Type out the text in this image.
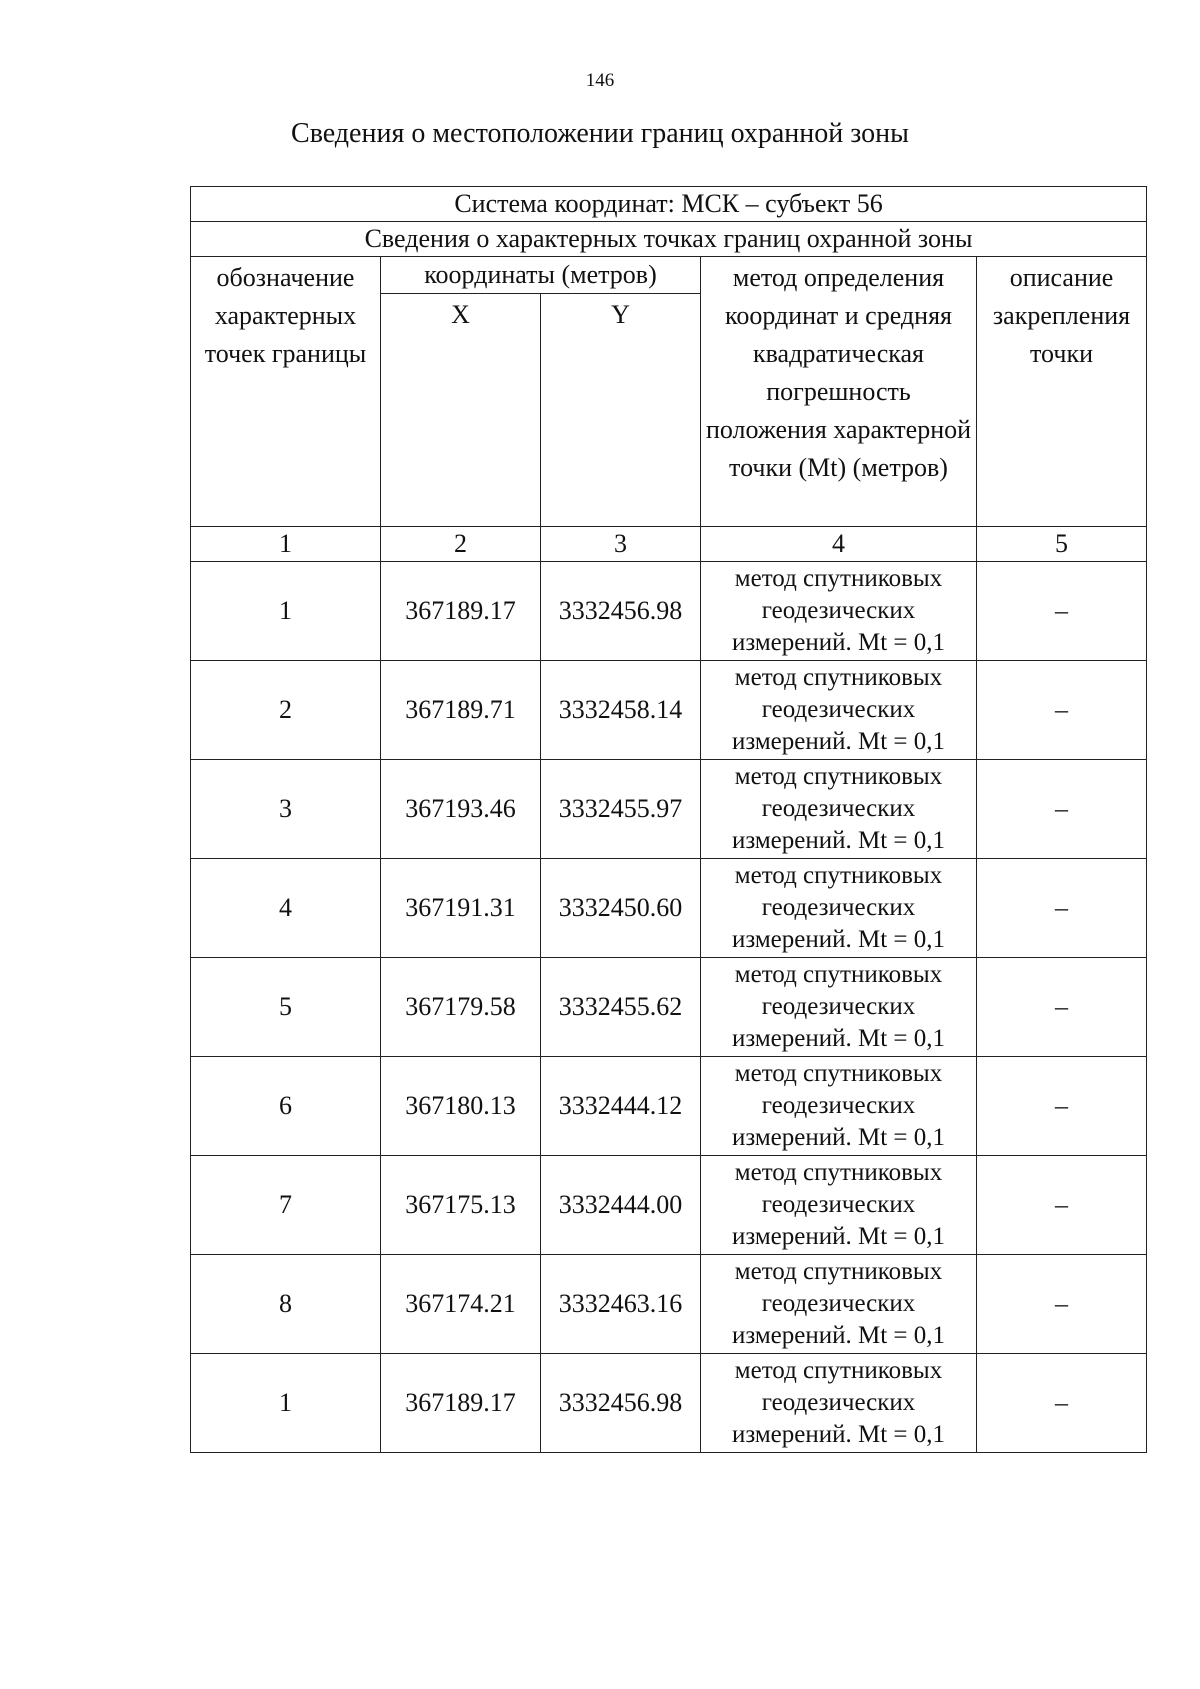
146
Сведения о местоположении границ охранной зоны
Система координат: МСК – субъект 56				
Сведения о характерных точках границ охранной зоны				
обозначение характерных точек границы	координаты (метров)		метод определения координат и средняя квадратическая погрешность положения характерной точки (Mt) (метров)	описание закрепления точки
	X	Y		
1	2	3	4	5
1	367189.17	3332456.98	метод спутниковых геодезических измерений. Mt = 0,1	–
2	367189.71	3332458.14	метод спутниковых геодезических измерений. Mt = 0,1	–
3	367193.46	3332455.97	метод спутниковых геодезических измерений. Mt = 0,1	–
4	367191.31	3332450.60	метод спутниковых геодезических измерений. Mt = 0,1	–
5	367179.58	3332455.62	метод спутниковых геодезических измерений. Mt = 0,1	–
6	367180.13	3332444.12	метод спутниковых геодезических измерений. Mt = 0,1	–
7	367175.13	3332444.00	метод спутниковых геодезических измерений. Mt = 0,1	–
8	367174.21	3332463.16	метод спутниковых геодезических измерений. Mt = 0,1	–
1	367189.17	3332456.98	метод спутниковых геодезических измерений. Mt = 0,1	–
